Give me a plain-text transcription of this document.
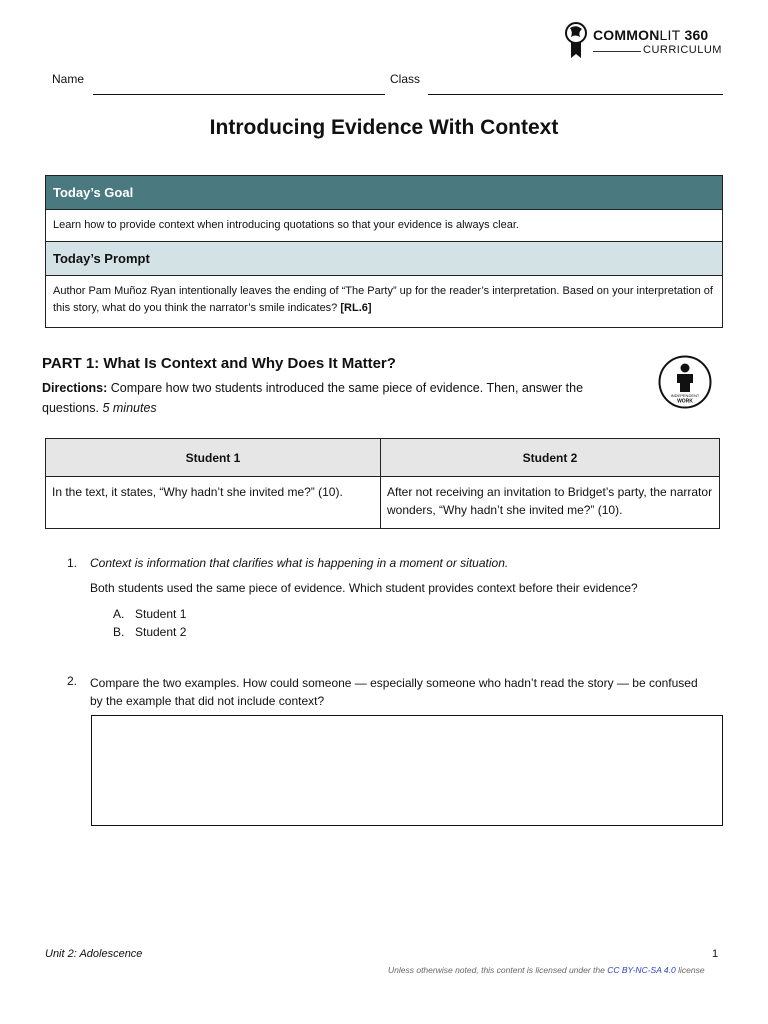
COMMONLIT 360
CURRICULUM
Name	Class
Introducing Evidence With Context
Today’s Goal
Learn how to provide context when introducing quotations so that your evidence is always clear.
Today’s Prompt
Author Pam Muñoz Ryan intentionally leaves the ending of “The Party” up for the reader’s interpretation. Based on your interpretation of this story, what do you think the narrator’s smile indicates? [RL.6]
PART 1: What Is Context and Why Does It Matter?
Directions: Compare how two students introduced the same piece of evidence. Then, answer the questions. 5 minutes
INDEPENDENT
WORK
Student 1	Student 2
In the text, it states, “Why hadn’t she invited me?” (10).	After not receiving an invitation to Bridget’s party, the narrator wonders, “Why hadn’t she invited me?” (10).
1. Context is information that clarifies what is happening in a moment or situation.
Both students used the same piece of evidence. Which student provides context before their evidence?
A. Student 1
B. Student 2
2. Compare the two examples. How could someone — especially someone who hadn’t read the story — be confused by the example that did not include context?
Unit 2: Adolescence	1
Unless otherwise noted, this content is licensed under the CC BY-NC-SA 4.0 license
